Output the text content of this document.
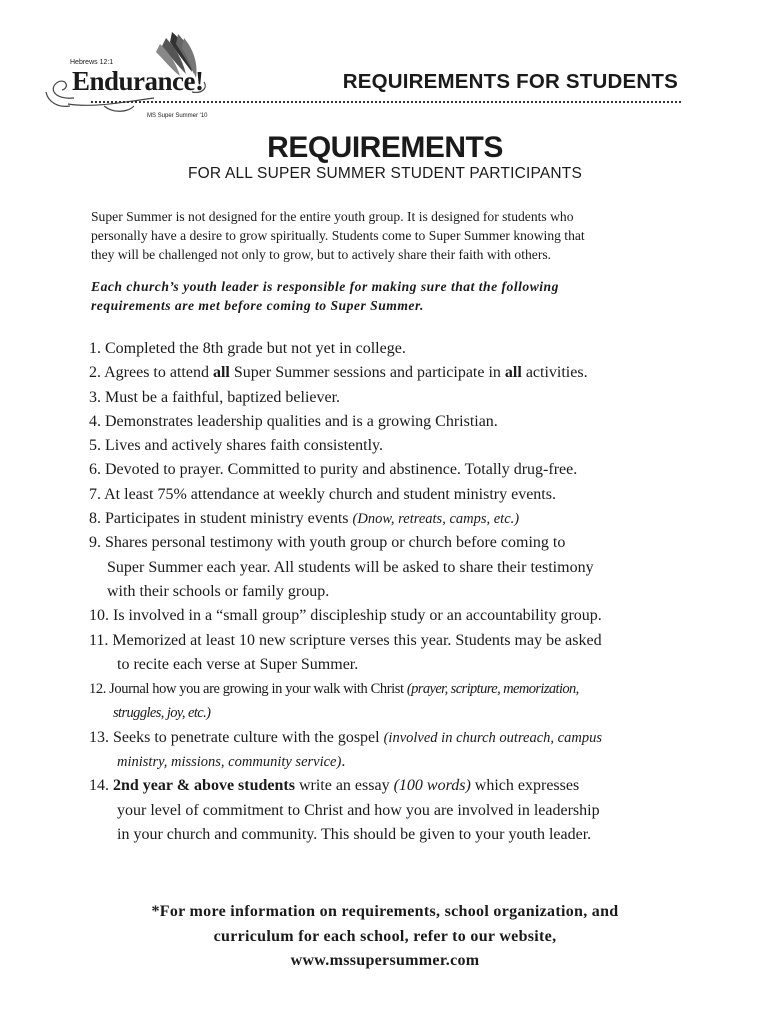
Hebrews 12:1
Endurance!
MS Super Summer '10
REQUIREMENTS FOR STUDENTS
REQUIREMENTS
FOR ALL SUPER SUMMER STUDENT PARTICIPANTS

Super Summer is not designed for the entire youth group. It is designed for students who
personally have a desire to grow spiritually. Students come to Super Summer knowing that
they will be challenged not only to grow, but to actively share their faith with others.

Each church’s youth leader is responsible for making sure that the following
requirements are met before coming to Super Summer.

1. Completed the 8th grade but not yet in college.
2. Agrees to attend all Super Summer sessions and participate in all activities.
3. Must be a faithful, baptized believer.
4. Demonstrates leadership qualities and is a growing Christian.
5. Lives and actively shares faith consistently.
6. Devoted to prayer. Committed to purity and abstinence. Totally drug-free.
7. At least 75% attendance at weekly church and student ministry events.
8. Participates in student ministry events (Dnow, retreats, camps, etc.)
9. Shares personal testimony with youth group or church before coming to
Super Summer each year. All students will be asked to share their testimony
with their schools or family group.
10. Is involved in a “small group” discipleship study or an accountability group.
11. Memorized at least 10 new scripture verses this year. Students may be asked
to recite each verse at Super Summer.
12. Journal how you are growing in your walk with Christ (prayer, scripture, memorization,
struggles, joy, etc.)
13. Seeks to penetrate culture with the gospel (involved in church outreach, campus
ministry, missions, community service).
14. 2nd year & above students write an essay (100 words) which expresses
your level of commitment to Christ and how you are involved in leadership
in your church and community. This should be given to your youth leader.
*For more information on requirements, school organization, and
curriculum for each school, refer to our website,
www.mssupersummer.com
